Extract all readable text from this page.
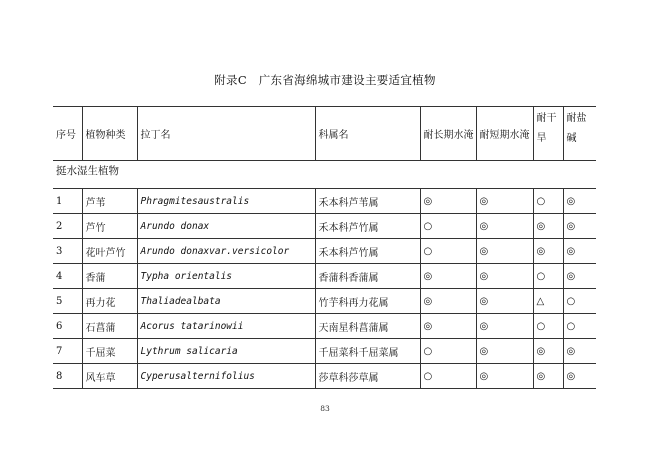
附录C　广东省海绵城市建设主要适宜植物
序号	植物种类	拉丁名	科属名	耐长期水淹	耐短期水淹	耐干旱	耐盐碱
挺水湿生植物							
1	芦苇	Phragmitesaustralis	禾本科芦苇属	◎	◎	○	◎
2	芦竹	Arundo donax	禾本科芦竹属	○	◎	◎	◎
3	花叶芦竹	Arundo donaxvar.versicolor	禾本科芦竹属	○	◎	◎	◎
4	香蒲	Typha orientalis	香蒲科香蒲属	◎	◎	○	◎
5	再力花	Thaliadealbata	竹芋科再力花属	◎	◎	△	○
6	石菖蒲	Acorus tatarinowii	天南星科菖蒲属	◎	◎	○	○
7	千屈菜	Lythrum salicaria	千屈菜科千屈菜属	○	◎	◎	◎
8	风车草	Cyperusalternifolius	莎草科莎草属	○	◎	◎	◎
83
